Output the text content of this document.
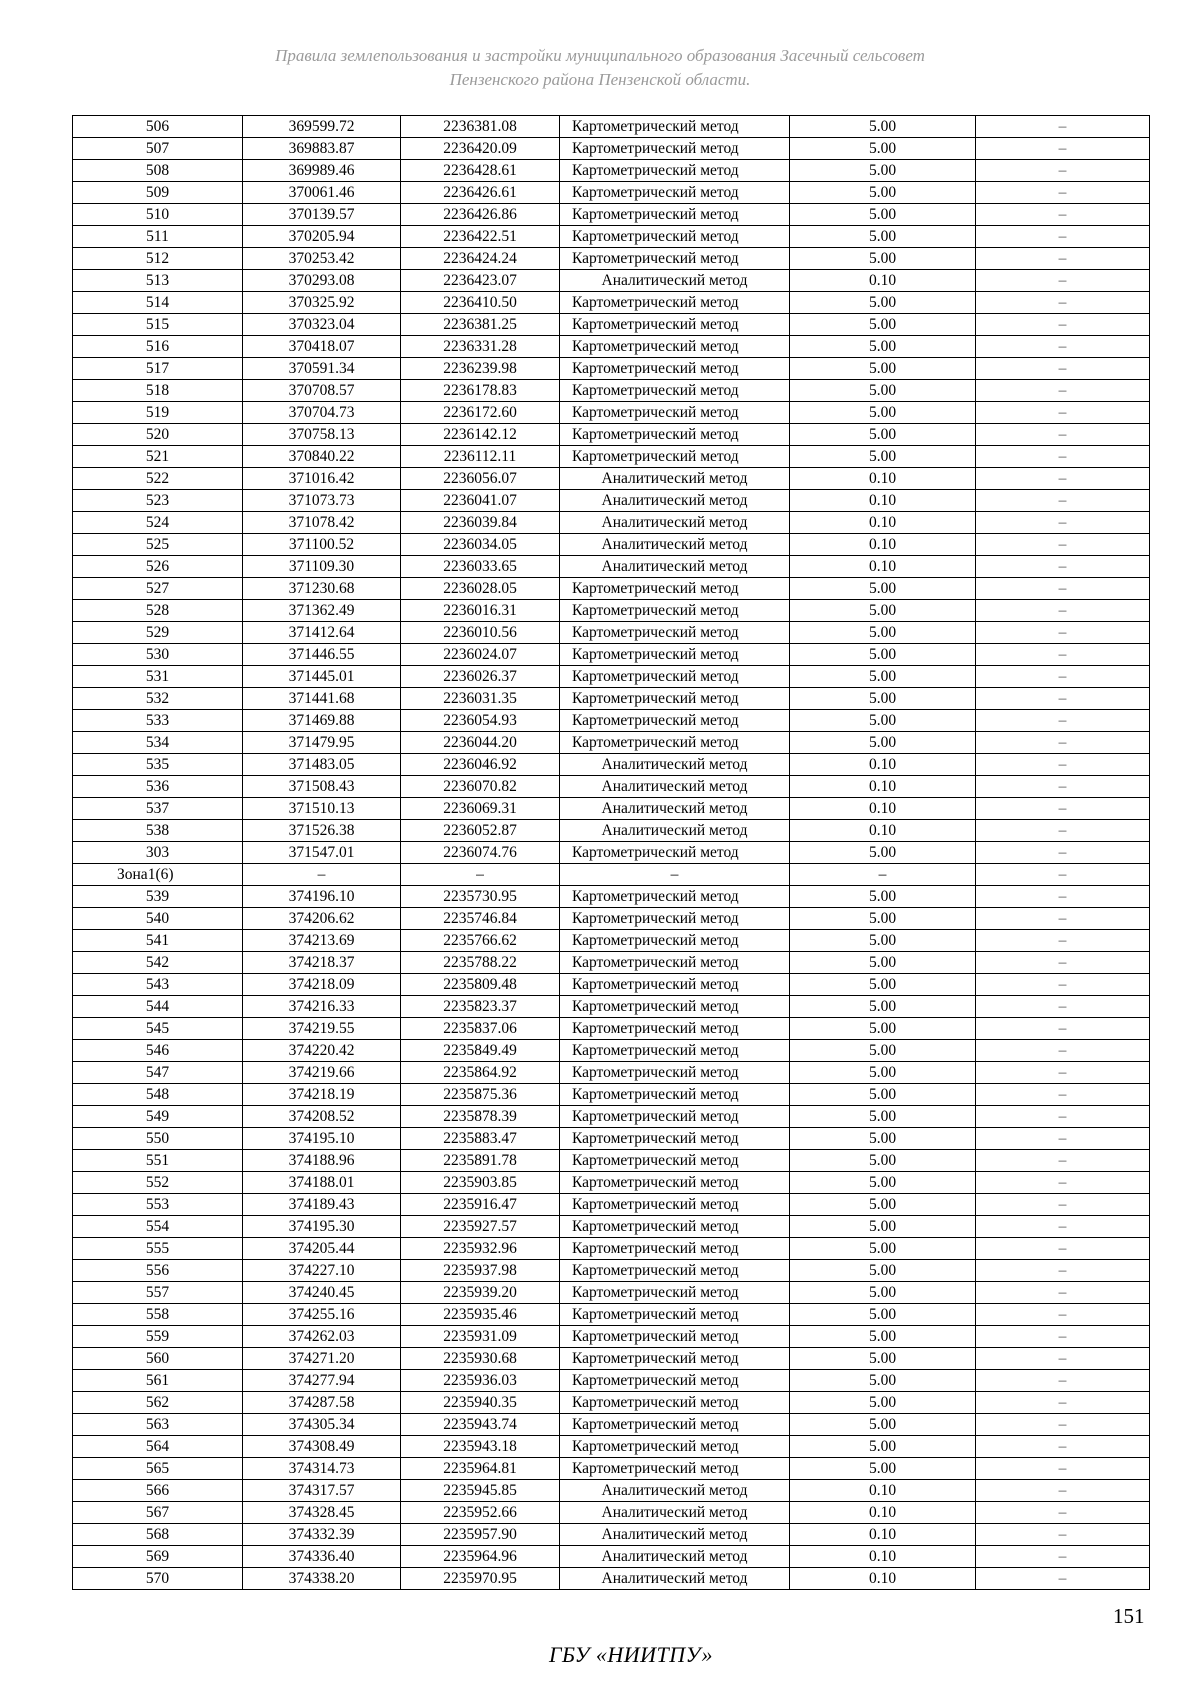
Правила землепользования и застройки муниципального образования Засечный сельсовет
Пензенского района Пензенской области.
506	369599.72	2236381.08	Картометрический метод	5.00	–
507	369883.87	2236420.09	Картометрический метод	5.00	–
508	369989.46	2236428.61	Картометрический метод	5.00	–
509	370061.46	2236426.61	Картометрический метод	5.00	–
510	370139.57	2236426.86	Картометрический метод	5.00	–
511	370205.94	2236422.51	Картометрический метод	5.00	–
512	370253.42	2236424.24	Картометрический метод	5.00	–
513	370293.08	2236423.07	Аналитический метод	0.10	–
514	370325.92	2236410.50	Картометрический метод	5.00	–
515	370323.04	2236381.25	Картометрический метод	5.00	–
516	370418.07	2236331.28	Картометрический метод	5.00	–
517	370591.34	2236239.98	Картометрический метод	5.00	–
518	370708.57	2236178.83	Картометрический метод	5.00	–
519	370704.73	2236172.60	Картометрический метод	5.00	–
520	370758.13	2236142.12	Картометрический метод	5.00	–
521	370840.22	2236112.11	Картометрический метод	5.00	–
522	371016.42	2236056.07	Аналитический метод	0.10	–
523	371073.73	2236041.07	Аналитический метод	0.10	–
524	371078.42	2236039.84	Аналитический метод	0.10	–
525	371100.52	2236034.05	Аналитический метод	0.10	–
526	371109.30	2236033.65	Аналитический метод	0.10	–
527	371230.68	2236028.05	Картометрический метод	5.00	–
528	371362.49	2236016.31	Картометрический метод	5.00	–
529	371412.64	2236010.56	Картометрический метод	5.00	–
530	371446.55	2236024.07	Картометрический метод	5.00	–
531	371445.01	2236026.37	Картометрический метод	5.00	–
532	371441.68	2236031.35	Картометрический метод	5.00	–
533	371469.88	2236054.93	Картометрический метод	5.00	–
534	371479.95	2236044.20	Картометрический метод	5.00	–
535	371483.05	2236046.92	Аналитический метод	0.10	–
536	371508.43	2236070.82	Аналитический метод	0.10	–
537	371510.13	2236069.31	Аналитический метод	0.10	–
538	371526.38	2236052.87	Аналитический метод	0.10	–
303	371547.01	2236074.76	Картометрический метод	5.00	–
Зона1(6)	–	–	–	–	–
539	374196.10	2235730.95	Картометрический метод	5.00	–
540	374206.62	2235746.84	Картометрический метод	5.00	–
541	374213.69	2235766.62	Картометрический метод	5.00	–
542	374218.37	2235788.22	Картометрический метод	5.00	–
543	374218.09	2235809.48	Картометрический метод	5.00	–
544	374216.33	2235823.37	Картометрический метод	5.00	–
545	374219.55	2235837.06	Картометрический метод	5.00	–
546	374220.42	2235849.49	Картометрический метод	5.00	–
547	374219.66	2235864.92	Картометрический метод	5.00	–
548	374218.19	2235875.36	Картометрический метод	5.00	–
549	374208.52	2235878.39	Картометрический метод	5.00	–
550	374195.10	2235883.47	Картометрический метод	5.00	–
551	374188.96	2235891.78	Картометрический метод	5.00	–
552	374188.01	2235903.85	Картометрический метод	5.00	–
553	374189.43	2235916.47	Картометрический метод	5.00	–
554	374195.30	2235927.57	Картометрический метод	5.00	–
555	374205.44	2235932.96	Картометрический метод	5.00	–
556	374227.10	2235937.98	Картометрический метод	5.00	–
557	374240.45	2235939.20	Картометрический метод	5.00	–
558	374255.16	2235935.46	Картометрический метод	5.00	–
559	374262.03	2235931.09	Картометрический метод	5.00	–
560	374271.20	2235930.68	Картометрический метод	5.00	–
561	374277.94	2235936.03	Картометрический метод	5.00	–
562	374287.58	2235940.35	Картометрический метод	5.00	–
563	374305.34	2235943.74	Картометрический метод	5.00	–
564	374308.49	2235943.18	Картометрический метод	5.00	–
565	374314.73	2235964.81	Картометрический метод	5.00	–
566	374317.57	2235945.85	Аналитический метод	0.10	–
567	374328.45	2235952.66	Аналитический метод	0.10	–
568	374332.39	2235957.90	Аналитический метод	0.10	–
569	374336.40	2235964.96	Аналитический метод	0.10	–
570	374338.20	2235970.95	Аналитический метод	0.10	–
151
ГБУ «НИИТПУ»
